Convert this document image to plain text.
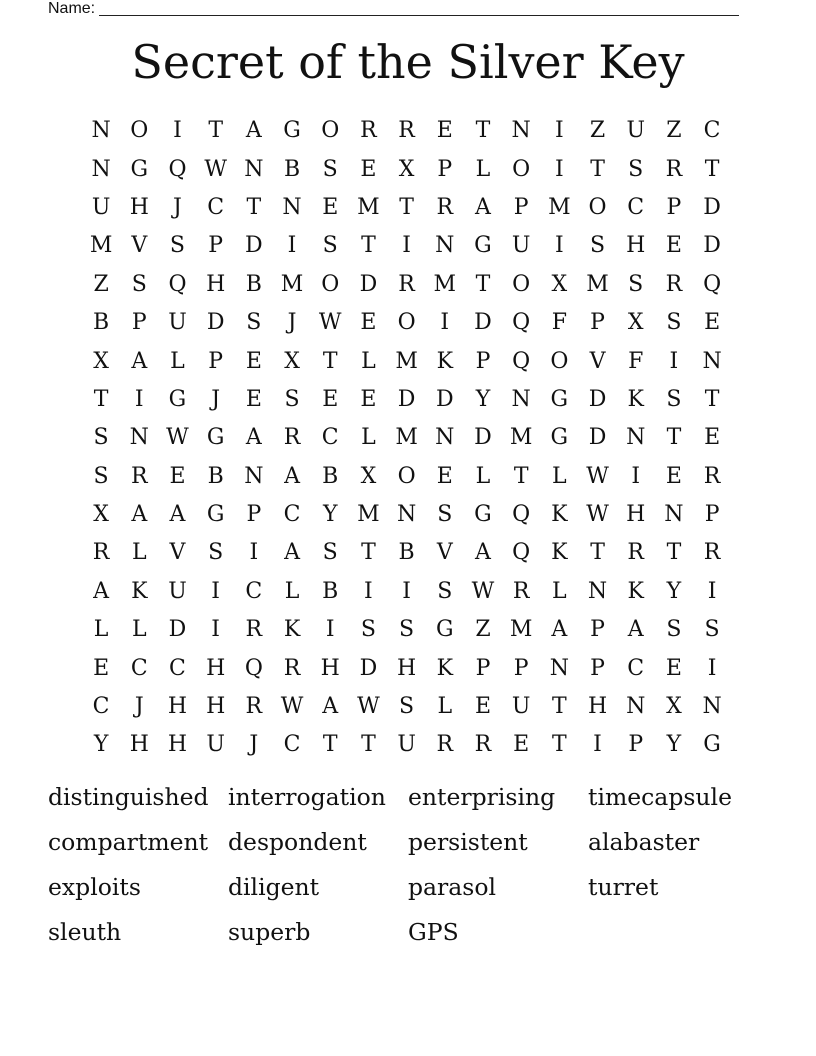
Name:
Secret of the Silver Key
N O	I	T	A G O R R E	T N	I	Z U Z	C
N G Q W N B	S	E	X	P	L O	I	T	S	R	T
U H	J	C	T N E M T	R A	P M O C	P D
M V	S	P D	I	S	T	I	N G U	I	S H E D
Z	S Q H B M O D R M T O X M S	R Q
B	P U D S	J	W E O	I	D Q F	P	X	S	E
X	A	L	P	E	X	T	L M K	P Q O V	F	I	N
T	I	G	J	E	S	E	E D D	Y N G D K	S	T
S N W G A R C	L M N D M G D N T	E
S	R E	B N A	B	X O E	L	T	L W	I	E R
X	A	A G	P	C	Y M N S G Q K W H N P
R	L	V	S	I	A	S	T	B	V	A Q K	T	R	T	R
A	K U	I	C	L	B	I	I	S W R	L N K	Y	I
L	L	D	I	R K	I	S	S G Z M A	P	A	S	S
E C C H Q R H D H K	P	P N P	C E	I
C	J	H H R W A W S	L	E U T H N X N
Y H H U	J	C	T	T U R R E	T	I	P	Y	G
distinguished interrogation enterprising	timecapsule
compartment despondent	persistent	alabaster
exploits	diligent	parasol	turret
sleuth	superb	GPS
